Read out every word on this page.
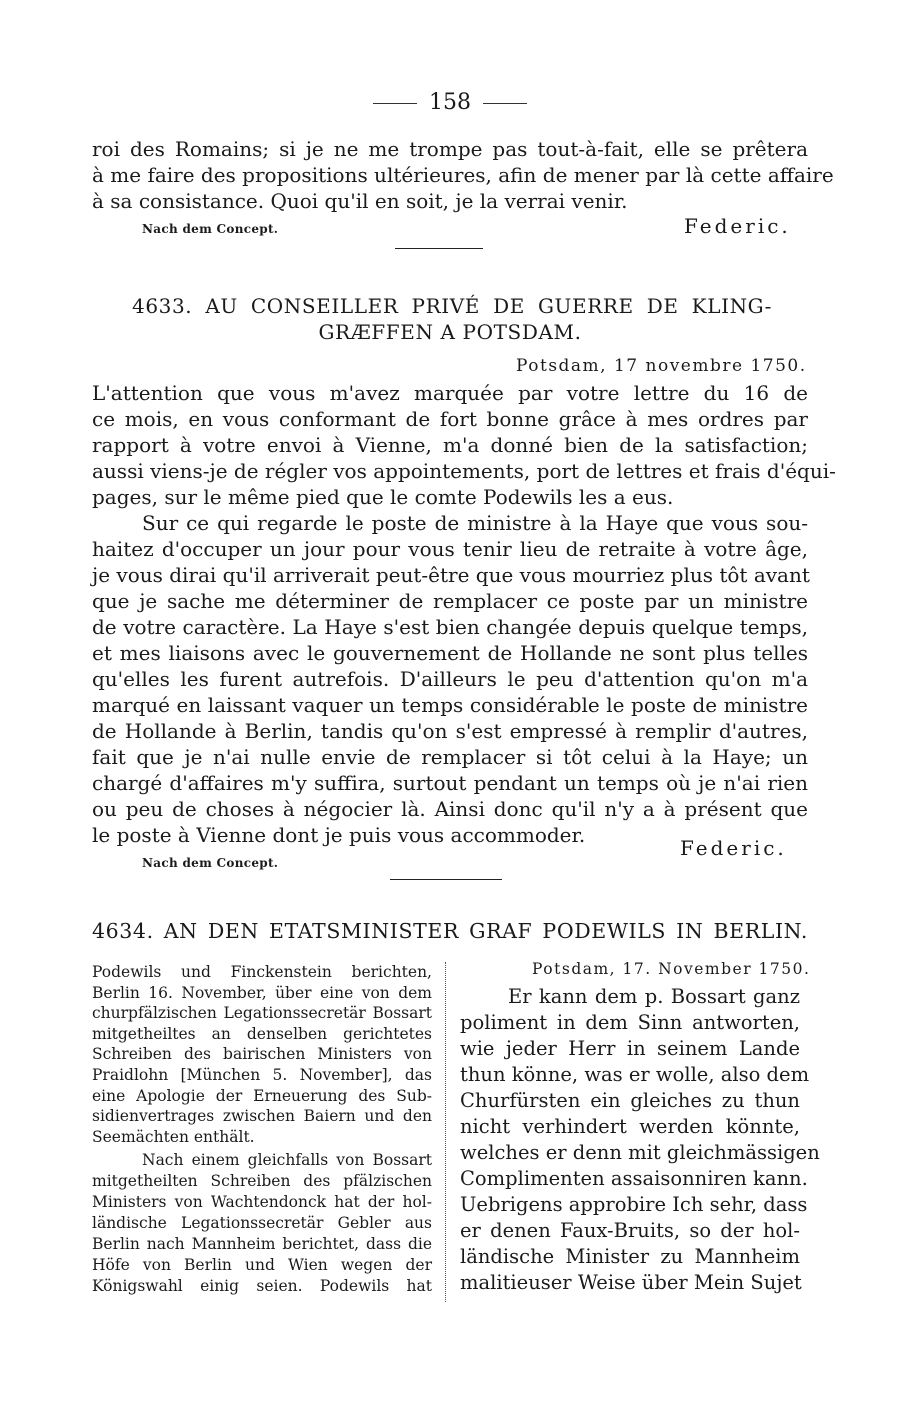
158
roi des Romains; si je ne me trompe pas tout-à-fait, elle se prêtera
à me faire des propositions ultérieures, afin de mener par là cette affaire
à sa consistance. Quoi qu'il en soit, je la verrai venir.
Nach dem Concept.	Federic.
4633. AU CONSEILLER PRIVÉ DE GUERRE DE KLING-
GRÆFFEN A POTSDAM.
Potsdam, 17 novembre 1750.
L'attention que vous m'avez marquée par votre lettre du 16 de
ce mois, en vous conformant de fort bonne grâce à mes ordres par
rapport à votre envoi à Vienne, m'a donné bien de la satisfaction;
aussi viens-je de régler vos appointements, port de lettres et frais d'équi-
pages, sur le même pied que le comte Podewils les a eus.
Sur ce qui regarde le poste de ministre à la Haye que vous sou-
haitez d'occuper un jour pour vous tenir lieu de retraite à votre âge,
je vous dirai qu'il arriverait peut-être que vous mourriez plus tôt avant
que je sache me déterminer de remplacer ce poste par un ministre
de votre caractère. La Haye s'est bien changée depuis quelque temps,
et mes liaisons avec le gouvernement de Hollande ne sont plus telles
qu'elles les furent autrefois. D'ailleurs le peu d'attention qu'on m'a
marqué en laissant vaquer un temps considérable le poste de ministre
de Hollande à Berlin, tandis qu'on s'est empressé à remplir d'autres,
fait que je n'ai nulle envie de remplacer si tôt celui à la Haye; un
chargé d'affaires m'y suffira, surtout pendant un temps où je n'ai rien
ou peu de choses à négocier là. Ainsi donc qu'il n'y a à présent que
le poste à Vienne dont je puis vous accommoder.
Federic.
Nach dem Concept.
4634. AN DEN ETATSMINISTER GRAF PODEWILS IN BERLIN.
Podewils und Finckenstein berichten,
Berlin 16. November, über eine von dem
churpfälzischen Legationssecretär Bossart
mitgetheiltes an denselben gerichtetes
Schreiben des bairischen Ministers von
Praidlohn [München 5. November], das
eine Apologie der Erneuerung des Sub-
sidienvertrages zwischen Baiern und den
Seemächten enthält.
Nach einem gleichfalls von Bossart
mitgetheilten Schreiben des pfälzischen
Ministers von Wachtendonck hat der hol-
ländische Legationssecretär Gebler aus
Berlin nach Mannheim berichtet, dass die
Höfe von Berlin und Wien wegen der
Königswahl einig seien. Podewils hat
Potsdam, 17. November 1750.
Er kann dem p. Bossart ganz
poliment in dem Sinn antworten,
wie jeder Herr in seinem Lande
thun könne, was er wolle, also dem
Churfürsten ein gleiches zu thun
nicht verhindert werden könnte,
welches er denn mit gleichmässigen
Complimenten assaisonniren kann.
Uebrigens approbire Ich sehr, dass
er denen Faux-Bruits, so der hol-
ländische Minister zu Mannheim
malitieuser Weise über Mein Sujet
